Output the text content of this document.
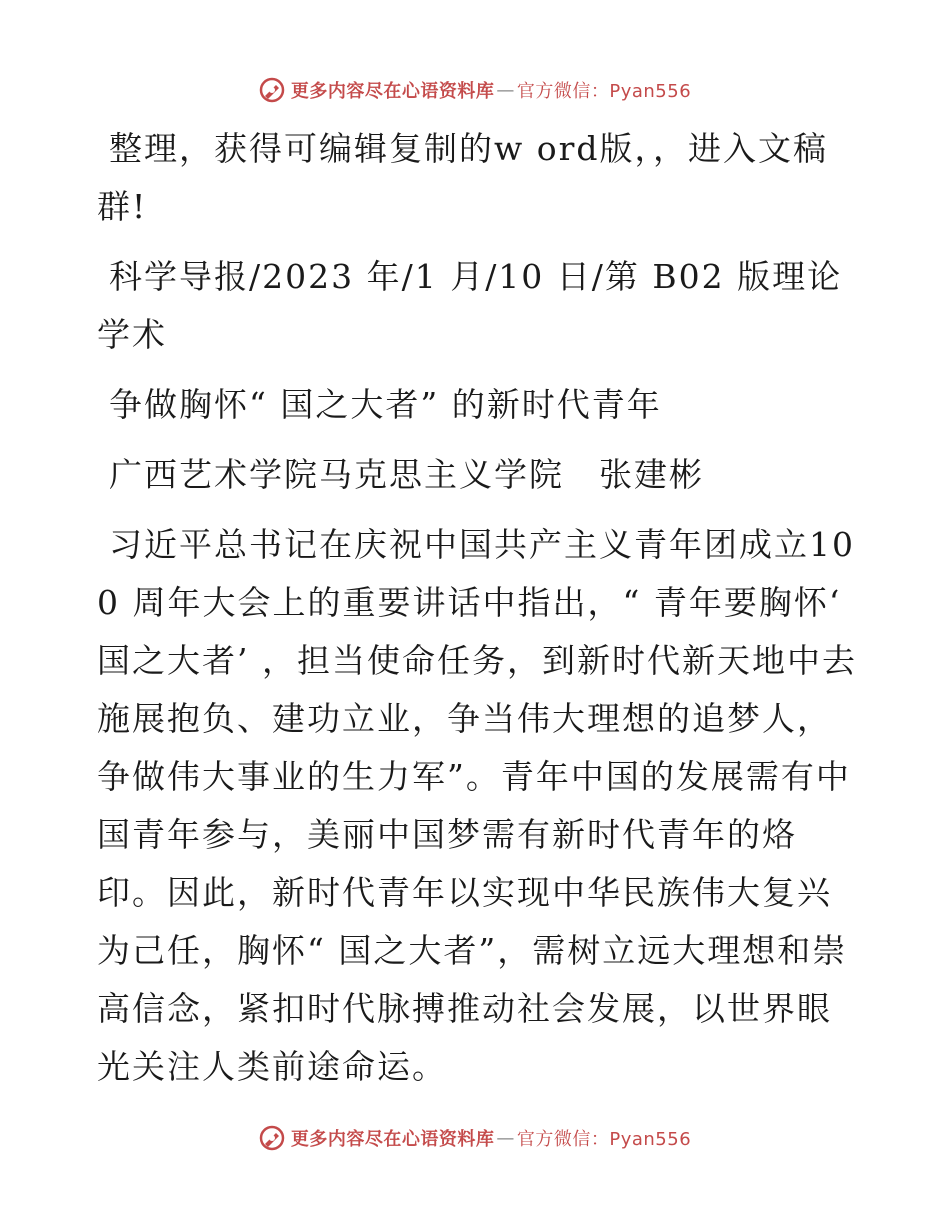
更多内容尽在心语资料库 — 官方微信：Pyan556

整理，获得可编辑复制的w ord版，，进入文稿群!

科学导报/2023 年/1 月/10 日/第 B02 版理论学术

争做胸怀“ 国之大者” 的新时代青年

广西艺术学院马克思主义学院　张建彬

习近平总书记在庆祝中国共产主义青年团成立100 周年大会上的重要讲话中指出，“ 青年要胸怀‘ 国之大者’ ，担当使命任务，到新时代新天地中去施展抱负、建功立业，争当伟大理想的追梦人，争做伟大事业的生力军”。青年中国的发展需有中国青年参与，美丽中国梦需有新时代青年的烙印。因此，新时代青年以实现中华民族伟大复兴为己任，胸怀“ 国之大者”，需树立远大理想和崇高信念，紧扣时代脉搏推动社会发展，以世界眼光关注人类前途命运。

更多内容尽在心语资料库 — 官方微信：Pyan556
